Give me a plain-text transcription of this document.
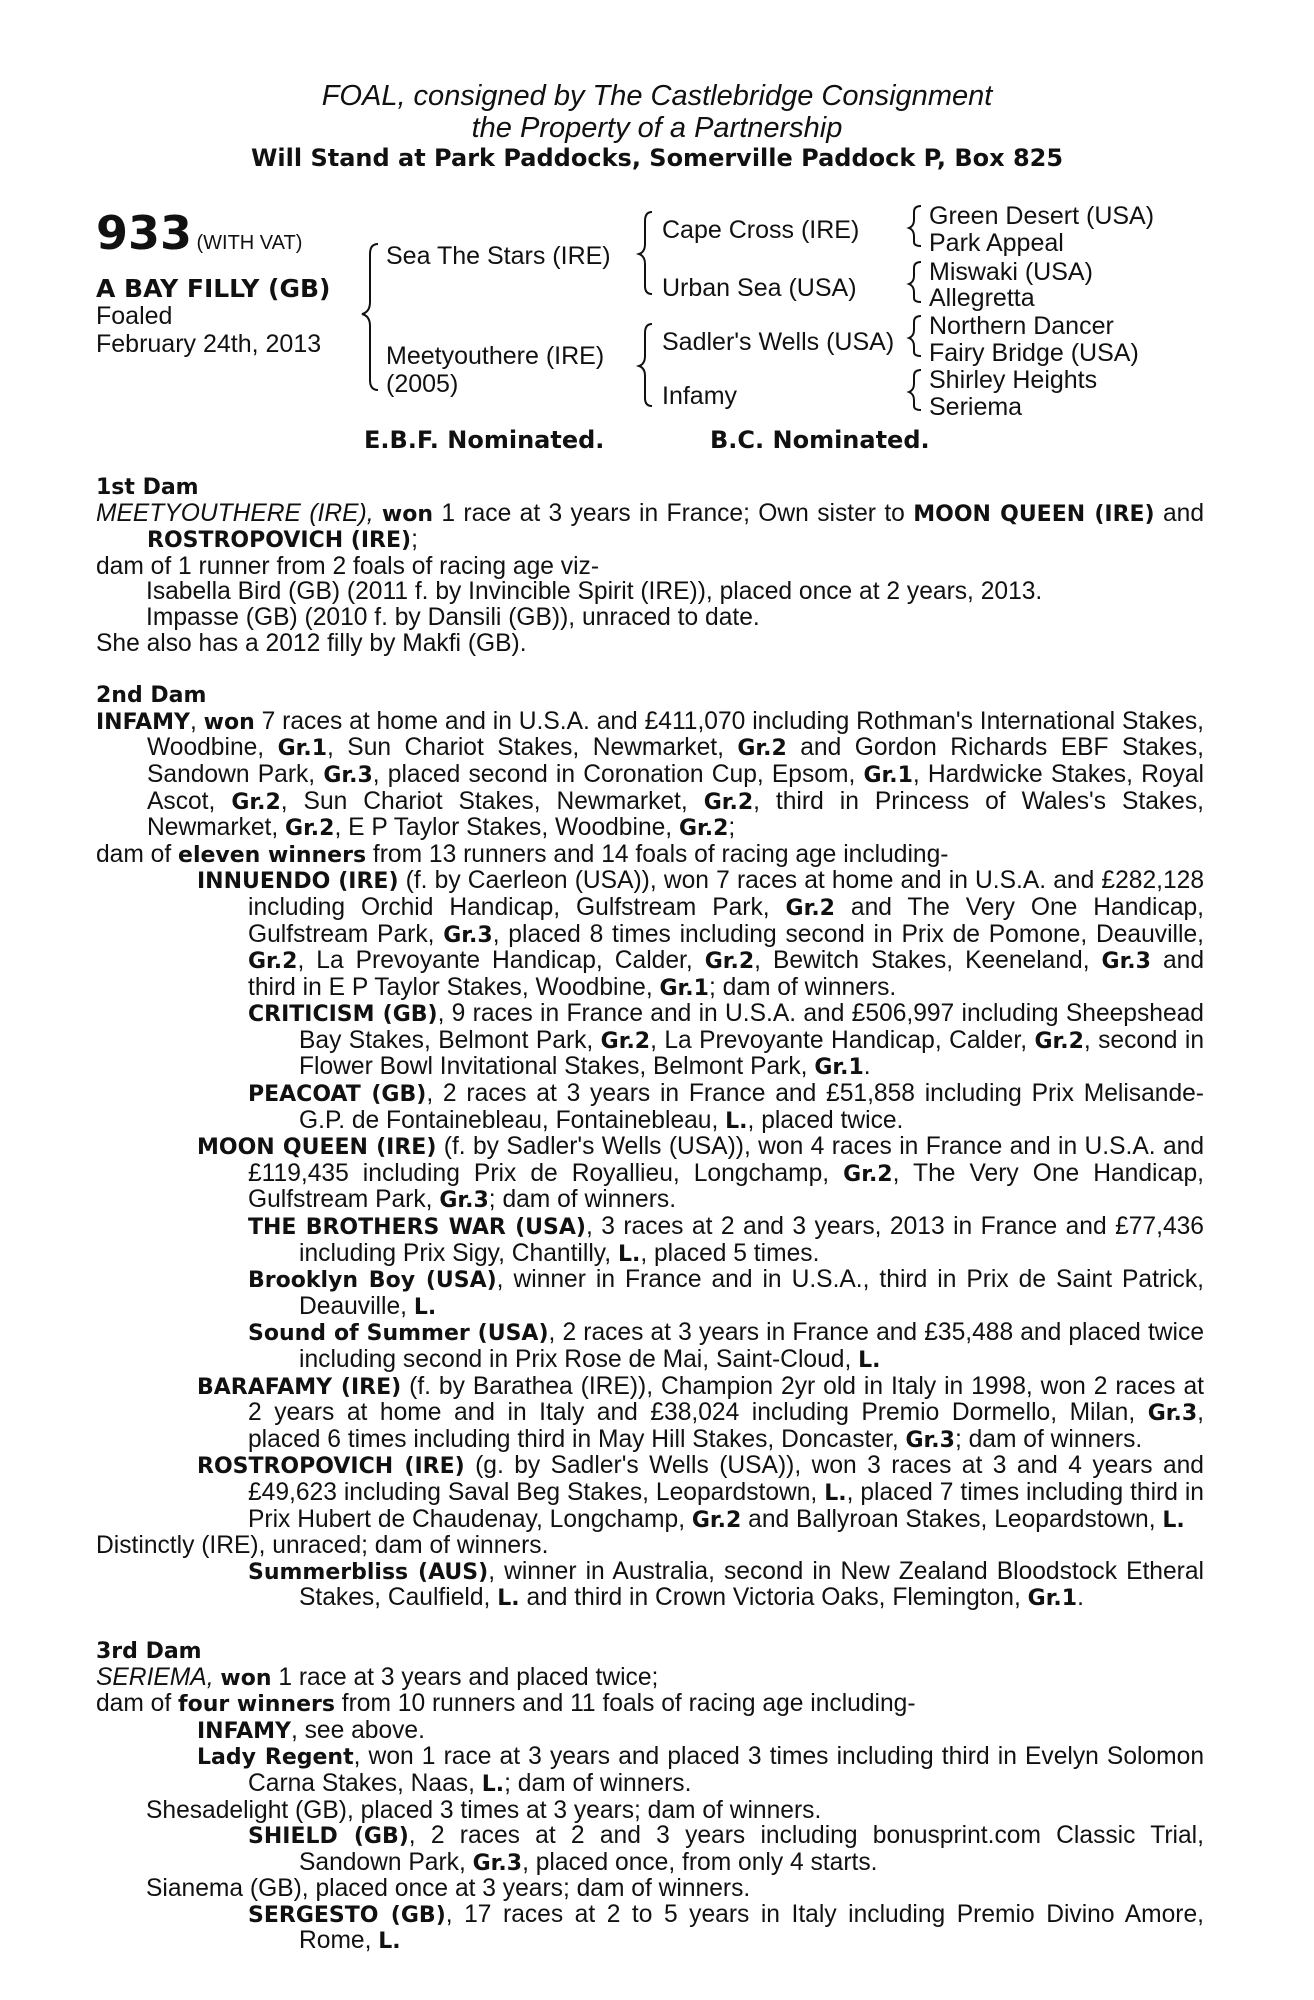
FOAL, consigned by The Castlebridge Consignment
the Property of a Partnership
Will Stand at Park Paddocks, Somerville Paddock P, Box 825
933 (WITH VAT)
A BAY FILLY (GB)
Foaled
February 24th, 2013
Sea The Stars (IRE)
Meetyouthere (IRE)
(2005)
Cape Cross (IRE)
Urban Sea (USA)
Sadler's Wells (USA)
Infamy
Green Desert (USA)
Park Appeal
Miswaki (USA)
Allegretta
Northern Dancer
Fairy Bridge (USA)
Shirley Heights
Seriema
E.B.F. Nominated.	B.C. Nominated.

1st Dam

MEETYOUTHERE (IRE), won 1 race at 3 years in France; Own sister to MOON QUEEN (IRE) and ROSTROPOVICH (IRE);

dam of 1 runner from 2 foals of racing age viz-

Isabella Bird (GB) (2011 f. by Invincible Spirit (IRE)), placed once at 2 years, 2013.

Impasse (GB) (2010 f. by Dansili (GB)), unraced to date.

She also has a 2012 filly by Makfi (GB).

2nd Dam

INFAMY, won 7 races at home and in U.S.A. and £411,070 including Rothman's International Stakes, Woodbine, Gr.1, Sun Chariot Stakes, Newmarket, Gr.2 and Gordon Richards EBF Stakes, Sandown Park, Gr.3, placed second in Coronation Cup, Epsom, Gr.1, Hardwicke Stakes, Royal Ascot, Gr.2, Sun Chariot Stakes, Newmarket, Gr.2, third in Princess of Wales's Stakes, Newmarket, Gr.2, E P Taylor Stakes, Woodbine, Gr.2;

dam of eleven winners from 13 runners and 14 foals of racing age including-

INNUENDO (IRE) (f. by Caerleon (USA)), won 7 races at home and in U.S.A. and £282,128 including Orchid Handicap, Gulfstream Park, Gr.2 and The Very One Handicap, Gulfstream Park, Gr.3, placed 8 times including second in Prix de Pomone, Deauville, Gr.2, La Prevoyante Handicap, Calder, Gr.2, Bewitch Stakes, Keeneland, Gr.3 and third in E P Taylor Stakes, Woodbine, Gr.1; dam of winners.

CRITICISM (GB), 9 races in France and in U.S.A. and £506,997 including Sheepshead Bay Stakes, Belmont Park, Gr.2, La Prevoyante Handicap, Calder, Gr.2, second in Flower Bowl Invitational Stakes, Belmont Park, Gr.1.

PEACOAT (GB), 2 races at 3 years in France and £51,858 including Prix Melisande-G.P. de Fontainebleau, Fontainebleau, L., placed twice.

MOON QUEEN (IRE) (f. by Sadler's Wells (USA)), won 4 races in France and in U.S.A. and £119,435 including Prix de Royallieu, Longchamp, Gr.2, The Very One Handicap, Gulfstream Park, Gr.3; dam of winners.

THE BROTHERS WAR (USA), 3 races at 2 and 3 years, 2013 in France and £77,436 including Prix Sigy, Chantilly, L., placed 5 times.

Brooklyn Boy (USA), winner in France and in U.S.A., third in Prix de Saint Patrick, Deauville, L.

Sound of Summer (USA), 2 races at 3 years in France and £35,488 and placed twice including second in Prix Rose de Mai, Saint-Cloud, L.

BARAFAMY (IRE) (f. by Barathea (IRE)), Champion 2yr old in Italy in 1998, won 2 races at 2 years at home and in Italy and £38,024 including Premio Dormello, Milan, Gr.3, placed 6 times including third in May Hill Stakes, Doncaster, Gr.3; dam of winners.

ROSTROPOVICH (IRE) (g. by Sadler's Wells (USA)), won 3 races at 3 and 4 years and £49,623 including Saval Beg Stakes, Leopardstown, L., placed 7 times including third in Prix Hubert de Chaudenay, Longchamp, Gr.2 and Ballyroan Stakes, Leopardstown, L.

Distinctly (IRE), unraced; dam of winners.

Summerbliss (AUS), winner in Australia, second in New Zealand Bloodstock Etheral Stakes, Caulfield, L. and third in Crown Victoria Oaks, Flemington, Gr.1.

3rd Dam

SERIEMA, won 1 race at 3 years and placed twice;

dam of four winners from 10 runners and 11 foals of racing age including-

INFAMY, see above.

Lady Regent, won 1 race at 3 years and placed 3 times including third in Evelyn Solomon Carna Stakes, Naas, L.; dam of winners.

Shesadelight (GB), placed 3 times at 3 years; dam of winners.

SHIELD (GB), 2 races at 2 and 3 years including bonusprint.com Classic Trial, Sandown Park, Gr.3, placed once, from only 4 starts.

Sianema (GB), placed once at 3 years; dam of winners.

SERGESTO (GB), 17 races at 2 to 5 years in Italy including Premio Divino Amore, Rome, L.
